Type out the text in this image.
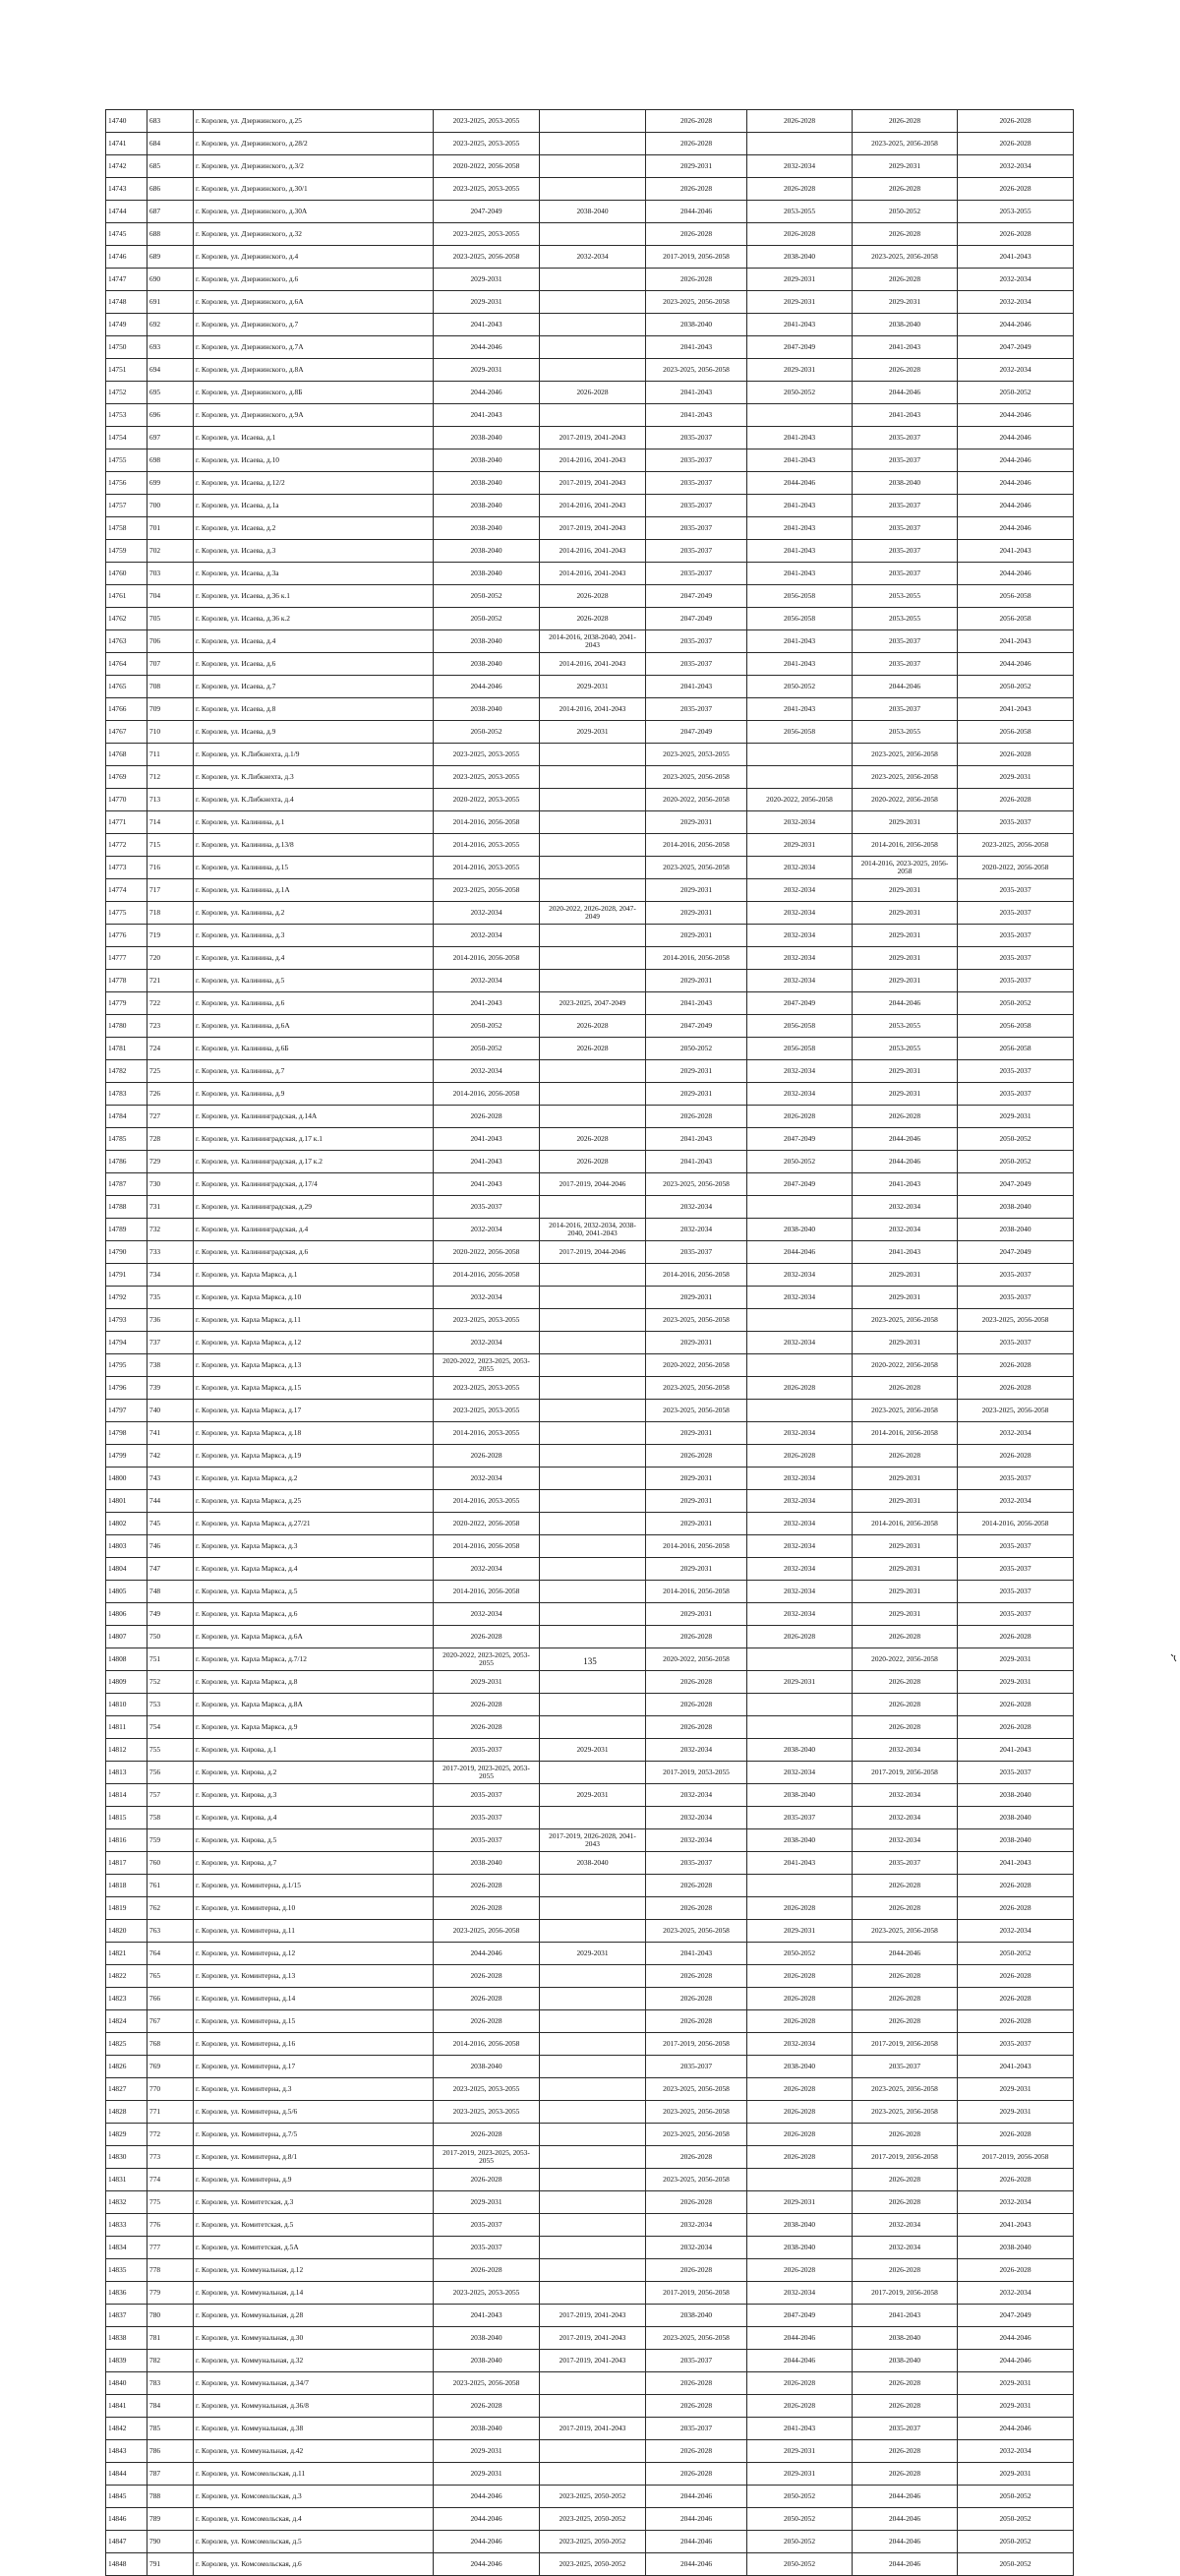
14740	683	г. Королев, ул. Дзержинского, д.25	2023-2025, 2053-2055		2026-2028	2026-2028	2026-2028	2026-2028
14741	684	г. Королев, ул. Дзержинского, д.28/2	2023-2025, 2053-2055		2026-2028		2023-2025, 2056-2058	2026-2028
14742	685	г. Королев, ул. Дзержинского, д.3/2	2020-2022, 2056-2058		2029-2031	2032-2034	2029-2031	2032-2034
14743	686	г. Королев, ул. Дзержинского, д.30/1	2023-2025, 2053-2055		2026-2028	2026-2028	2026-2028	2026-2028
14744	687	г. Королев, ул. Дзержинского, д.30А	2047-2049	2038-2040	2044-2046	2053-2055	2050-2052	2053-2055
14745	688	г. Королев, ул. Дзержинского, д.32	2023-2025, 2053-2055		2026-2028	2026-2028	2026-2028	2026-2028
14746	689	г. Королев, ул. Дзержинского, д.4	2023-2025, 2056-2058	2032-2034	2017-2019, 2056-2058	2038-2040	2023-2025, 2056-2058	2041-2043
14747	690	г. Королев, ул. Дзержинского, д.6	2029-2031		2026-2028	2029-2031	2026-2028	2032-2034
14748	691	г. Королев, ул. Дзержинского, д.6А	2029-2031		2023-2025, 2056-2058	2029-2031	2029-2031	2032-2034
14749	692	г. Королев, ул. Дзержинского, д.7	2041-2043		2038-2040	2041-2043	2038-2040	2044-2046
14750	693	г. Королев, ул. Дзержинского, д.7А	2044-2046		2041-2043	2047-2049	2041-2043	2047-2049
14751	694	г. Королев, ул. Дзержинского, д.8А	2029-2031		2023-2025, 2056-2058	2029-2031	2026-2028	2032-2034
14752	695	г. Королев, ул. Дзержинского, д.8Б	2044-2046	2026-2028	2041-2043	2050-2052	2044-2046	2050-2052
14753	696	г. Королев, ул. Дзержинского, д.9А	2041-2043		2041-2043		2041-2043	2044-2046
14754	697	г. Королев, ул. Исаева, д.1	2038-2040	2017-2019, 2041-2043	2035-2037	2041-2043	2035-2037	2044-2046
14755	698	г. Королев, ул. Исаева, д.10	2038-2040	2014-2016, 2041-2043	2035-2037	2041-2043	2035-2037	2044-2046
14756	699	г. Королев, ул. Исаева, д.12/2	2038-2040	2017-2019, 2041-2043	2035-2037	2044-2046	2038-2040	2044-2046
14757	700	г. Королев, ул. Исаева, д.1а	2038-2040	2014-2016, 2041-2043	2035-2037	2041-2043	2035-2037	2044-2046
14758	701	г. Королев, ул. Исаева, д.2	2038-2040	2017-2019, 2041-2043	2035-2037	2041-2043	2035-2037	2044-2046
14759	702	г. Королев, ул. Исаева, д.3	2038-2040	2014-2016, 2041-2043	2035-2037	2041-2043	2035-2037	2041-2043
14760	703	г. Королев, ул. Исаева, д.3а	2038-2040	2014-2016, 2041-2043	2035-2037	2041-2043	2035-2037	2044-2046
14761	704	г. Королев, ул. Исаева, д.36 к.1	2050-2052	2026-2028	2047-2049	2056-2058	2053-2055	2056-2058
14762	705	г. Королев, ул. Исаева, д.36 к.2	2050-2052	2026-2028	2047-2049	2056-2058	2053-2055	2056-2058
14763	706	г. Королев, ул. Исаева, д.4	2038-2040	2014-2016, 2038-2040, 2041-2043	2035-2037	2041-2043	2035-2037	2041-2043
14764	707	г. Королев, ул. Исаева, д.6	2038-2040	2014-2016, 2041-2043	2035-2037	2041-2043	2035-2037	2044-2046
14765	708	г. Королев, ул. Исаева, д.7	2044-2046	2029-2031	2041-2043	2050-2052	2044-2046	2050-2052
14766	709	г. Королев, ул. Исаева, д.8	2038-2040	2014-2016, 2041-2043	2035-2037	2041-2043	2035-2037	2041-2043
14767	710	г. Королев, ул. Исаева, д.9	2050-2052	2029-2031	2047-2049	2056-2058	2053-2055	2056-2058
14768	711	г. Королев, ул. К.Либкнехта, д.1/9	2023-2025, 2053-2055		2023-2025, 2053-2055		2023-2025, 2056-2058	2026-2028
14769	712	г. Королев, ул. К.Либкнехта, д.3	2023-2025, 2053-2055		2023-2025, 2056-2058		2023-2025, 2056-2058	2029-2031
14770	713	г. Королев, ул. К.Либкнехта, д.4	2020-2022, 2053-2055		2020-2022, 2056-2058	2020-2022, 2056-2058	2020-2022, 2056-2058	2026-2028
14771	714	г. Королев, ул. Калинина, д.1	2014-2016, 2056-2058		2029-2031	2032-2034	2029-2031	2035-2037
14772	715	г. Королев, ул. Калинина, д.13/8	2014-2016, 2053-2055		2014-2016, 2056-2058	2029-2031	2014-2016, 2056-2058	2023-2025, 2056-2058
14773	716	г. Королев, ул. Калинина, д.15	2014-2016, 2053-2055		2023-2025, 2056-2058	2032-2034	2014-2016, 2023-2025, 2056-2058	2020-2022, 2056-2058
14774	717	г. Королев, ул. Калинина, д.1А	2023-2025, 2056-2058		2029-2031	2032-2034	2029-2031	2035-2037
14775	718	г. Королев, ул. Калинина, д.2	2032-2034	2020-2022, 2026-2028, 2047-2049	2029-2031	2032-2034	2029-2031	2035-2037
14776	719	г. Королев, ул. Калинина, д.3	2032-2034		2029-2031	2032-2034	2029-2031	2035-2037
14777	720	г. Королев, ул. Калинина, д.4	2014-2016, 2056-2058		2014-2016, 2056-2058	2032-2034	2029-2031	2035-2037
14778	721	г. Королев, ул. Калинина, д.5	2032-2034		2029-2031	2032-2034	2029-2031	2035-2037
14779	722	г. Королев, ул. Калинина, д.6	2041-2043	2023-2025, 2047-2049	2041-2043	2047-2049	2044-2046	2050-2052
14780	723	г. Королев, ул. Калинина, д.6А	2050-2052	2026-2028	2047-2049	2056-2058	2053-2055	2056-2058
14781	724	г. Королев, ул. Калинина, д.6Б	2050-2052	2026-2028	2050-2052	2056-2058	2053-2055	2056-2058
14782	725	г. Королев, ул. Калинина, д.7	2032-2034		2029-2031	2032-2034	2029-2031	2035-2037
14783	726	г. Королев, ул. Калинина, д.9	2014-2016, 2056-2058		2029-2031	2032-2034	2029-2031	2035-2037
14784	727	г. Королев, ул. Калининградская, д.14А	2026-2028		2026-2028	2026-2028	2026-2028	2029-2031
14785	728	г. Королев, ул. Калининградская, д.17 к.1	2041-2043	2026-2028	2041-2043	2047-2049	2044-2046	2050-2052
14786	729	г. Королев, ул. Калининградская, д.17 к.2	2041-2043	2026-2028	2041-2043	2050-2052	2044-2046	2050-2052
14787	730	г. Королев, ул. Калининградская, д.17/4	2041-2043	2017-2019, 2044-2046	2023-2025, 2056-2058	2047-2049	2041-2043	2047-2049
14788	731	г. Королев, ул. Калининградская, д.29	2035-2037		2032-2034		2032-2034	2038-2040
14789	732	г. Королев, ул. Калининградская, д.4	2032-2034	2014-2016, 2032-2034, 2038-2040, 2041-2043	2032-2034	2038-2040	2032-2034	2038-2040
14790	733	г. Королев, ул. Калининградская, д.6	2020-2022, 2056-2058	2017-2019, 2044-2046	2035-2037	2044-2046	2041-2043	2047-2049
14791	734	г. Королев, ул. Карла Маркса, д.1	2014-2016, 2056-2058		2014-2016, 2056-2058	2032-2034	2029-2031	2035-2037
14792	735	г. Королев, ул. Карла Маркса, д.10	2032-2034		2029-2031	2032-2034	2029-2031	2035-2037
14793	736	г. Королев, ул. Карла Маркса, д.11	2023-2025, 2053-2055		2023-2025, 2056-2058		2023-2025, 2056-2058	2023-2025, 2056-2058
14794	737	г. Королев, ул. Карла Маркса, д.12	2032-2034		2029-2031	2032-2034	2029-2031	2035-2037
14795	738	г. Королев, ул. Карла Маркса, д.13	2020-2022, 2023-2025, 2053-2055		2020-2022, 2056-2058		2020-2022, 2056-2058	2026-2028
14796	739	г. Королев, ул. Карла Маркса, д.15	2023-2025, 2053-2055		2023-2025, 2056-2058	2026-2028	2026-2028	2026-2028
14797	740	г. Королев, ул. Карла Маркса, д.17	2023-2025, 2053-2055		2023-2025, 2056-2058		2023-2025, 2056-2058	2023-2025, 2056-2058
14798	741	г. Королев, ул. Карла Маркса, д.18	2014-2016, 2053-2055		2029-2031	2032-2034	2014-2016, 2056-2058	2032-2034
14799	742	г. Королев, ул. Карла Маркса, д.19	2026-2028		2026-2028	2026-2028	2026-2028	2026-2028
14800	743	г. Королев, ул. Карла Маркса, д.2	2032-2034		2029-2031	2032-2034	2029-2031	2035-2037
14801	744	г. Королев, ул. Карла Маркса, д.25	2014-2016, 2053-2055		2029-2031	2032-2034	2029-2031	2032-2034
14802	745	г. Королев, ул. Карла Маркса, д.27/21	2020-2022, 2056-2058		2029-2031	2032-2034	2014-2016, 2056-2058	2014-2016, 2056-2058
14803	746	г. Королев, ул. Карла Маркса, д.3	2014-2016, 2056-2058		2014-2016, 2056-2058	2032-2034	2029-2031	2035-2037
14804	747	г. Королев, ул. Карла Маркса, д.4	2032-2034		2029-2031	2032-2034	2029-2031	2035-2037
14805	748	г. Королев, ул. Карла Маркса, д.5	2014-2016, 2056-2058		2014-2016, 2056-2058	2032-2034	2029-2031	2035-2037
14806	749	г. Королев, ул. Карла Маркса, д.6	2032-2034		2029-2031	2032-2034	2029-2031	2035-2037
14807	750	г. Королев, ул. Карла Маркса, д.6А	2026-2028		2026-2028	2026-2028	2026-2028	2026-2028
14808	751	г. Королев, ул. Карла Маркса, д.7/12	2020-2022, 2023-2025, 2053-2055		2020-2022, 2056-2058		2020-2022, 2056-2058	2029-2031
14809	752	г. Королев, ул. Карла Маркса, д.8	2029-2031		2026-2028	2029-2031	2026-2028	2029-2031
14810	753	г. Королев, ул. Карла Маркса, д.8А	2026-2028		2026-2028		2026-2028	2026-2028
14811	754	г. Королев, ул. Карла Маркса, д.9	2026-2028		2026-2028		2026-2028	2026-2028
14812	755	г. Королев, ул. Кирова, д.1	2035-2037	2029-2031	2032-2034	2038-2040	2032-2034	2041-2043
14813	756	г. Королев, ул. Кирова, д.2	2017-2019, 2023-2025, 2053-2055		2017-2019, 2053-2055	2032-2034	2017-2019, 2056-2058	2035-2037
14814	757	г. Королев, ул. Кирова, д.3	2035-2037	2029-2031	2032-2034	2038-2040	2032-2034	2038-2040
14815	758	г. Королев, ул. Кирова, д.4	2035-2037		2032-2034	2035-2037	2032-2034	2038-2040
14816	759	г. Королев, ул. Кирова, д.5	2035-2037	2017-2019, 2026-2028, 2041-2043	2032-2034	2038-2040	2032-2034	2038-2040
14817	760	г. Королев, ул. Кирова, д.7	2038-2040	2038-2040	2035-2037	2041-2043	2035-2037	2041-2043
14818	761	г. Королев, ул. Коминтерна, д.1/15	2026-2028		2026-2028		2026-2028	2026-2028
14819	762	г. Королев, ул. Коминтерна, д.10	2026-2028		2026-2028	2026-2028	2026-2028	2026-2028
14820	763	г. Королев, ул. Коминтерна, д.11	2023-2025, 2056-2058		2023-2025, 2056-2058	2029-2031	2023-2025, 2056-2058	2032-2034
14821	764	г. Королев, ул. Коминтерна, д.12	2044-2046	2029-2031	2041-2043	2050-2052	2044-2046	2050-2052
14822	765	г. Королев, ул. Коминтерна, д.13	2026-2028		2026-2028	2026-2028	2026-2028	2026-2028
14823	766	г. Королев, ул. Коминтерна, д.14	2026-2028		2026-2028	2026-2028	2026-2028	2026-2028
14824	767	г. Королев, ул. Коминтерна, д.15	2026-2028		2026-2028	2026-2028	2026-2028	2026-2028
14825	768	г. Королев, ул. Коминтерна, д.16	2014-2016, 2056-2058		2017-2019, 2056-2058	2032-2034	2017-2019, 2056-2058	2035-2037
14826	769	г. Королев, ул. Коминтерна, д.17	2038-2040		2035-2037	2038-2040	2035-2037	2041-2043
14827	770	г. Королев, ул. Коминтерна, д.3	2023-2025, 2053-2055		2023-2025, 2056-2058	2026-2028	2023-2025, 2056-2058	2029-2031
14828	771	г. Королев, ул. Коминтерна, д.5/6	2023-2025, 2053-2055		2023-2025, 2056-2058	2026-2028	2023-2025, 2056-2058	2029-2031
14829	772	г. Королев, ул. Коминтерна, д.7/5	2026-2028		2023-2025, 2056-2058	2026-2028	2026-2028	2026-2028
14830	773	г. Королев, ул. Коминтерна, д.8/1	2017-2019, 2023-2025, 2053-2055		2026-2028	2026-2028	2017-2019, 2056-2058	2017-2019, 2056-2058
14831	774	г. Королев, ул. Коминтерна, д.9	2026-2028		2023-2025, 2056-2058		2026-2028	2026-2028
14832	775	г. Королев, ул. Комитетская, д.3	2029-2031		2026-2028	2029-2031	2026-2028	2032-2034
14833	776	г. Королев, ул. Комитетская, д.5	2035-2037		2032-2034	2038-2040	2032-2034	2041-2043
14834	777	г. Королев, ул. Комитетская, д.5А	2035-2037		2032-2034	2038-2040	2032-2034	2038-2040
14835	778	г. Королев, ул. Коммунальная, д.12	2026-2028		2026-2028	2026-2028	2026-2028	2026-2028
14836	779	г. Королев, ул. Коммунальная, д.14	2023-2025, 2053-2055		2017-2019, 2056-2058	2032-2034	2017-2019, 2056-2058	2032-2034
14837	780	г. Королев, ул. Коммунальная, д.28	2041-2043	2017-2019, 2041-2043	2038-2040	2047-2049	2041-2043	2047-2049
14838	781	г. Королев, ул. Коммунальная, д.30	2038-2040	2017-2019, 2041-2043	2023-2025, 2056-2058	2044-2046	2038-2040	2044-2046
14839	782	г. Королев, ул. Коммунальная, д.32	2038-2040	2017-2019, 2041-2043	2035-2037	2044-2046	2038-2040	2044-2046
14840	783	г. Королев, ул. Коммунальная, д.34/7	2023-2025, 2056-2058		2026-2028	2026-2028	2026-2028	2029-2031
14841	784	г. Королев, ул. Коммунальная, д.36/8	2026-2028		2026-2028	2026-2028	2026-2028	2029-2031
14842	785	г. Королев, ул. Коммунальная, д.38	2038-2040	2017-2019, 2041-2043	2035-2037	2041-2043	2035-2037	2044-2046
14843	786	г. Королев, ул. Коммунальная, д.42	2029-2031		2026-2028	2029-2031	2026-2028	2032-2034
14844	787	г. Королев, ул. Комсомольская, д.11	2029-2031		2026-2028	2029-2031	2026-2028	2029-2031
14845	788	г. Королев, ул. Комсомольская, д.3	2044-2046	2023-2025, 2050-2052	2044-2046	2050-2052	2044-2046	2050-2052
14846	789	г. Королев, ул. Комсомольская, д.4	2044-2046	2023-2025, 2050-2052	2044-2046	2050-2052	2044-2046	2050-2052
14847	790	г. Королев, ул. Комсомольская, д.5	2044-2046	2023-2025, 2050-2052	2044-2046	2050-2052	2044-2046	2050-2052
14848	791	г. Королев, ул. Комсомольская, д.6	2044-2046	2023-2025, 2050-2052	2044-2046	2050-2052	2044-2046	2050-2052
135
